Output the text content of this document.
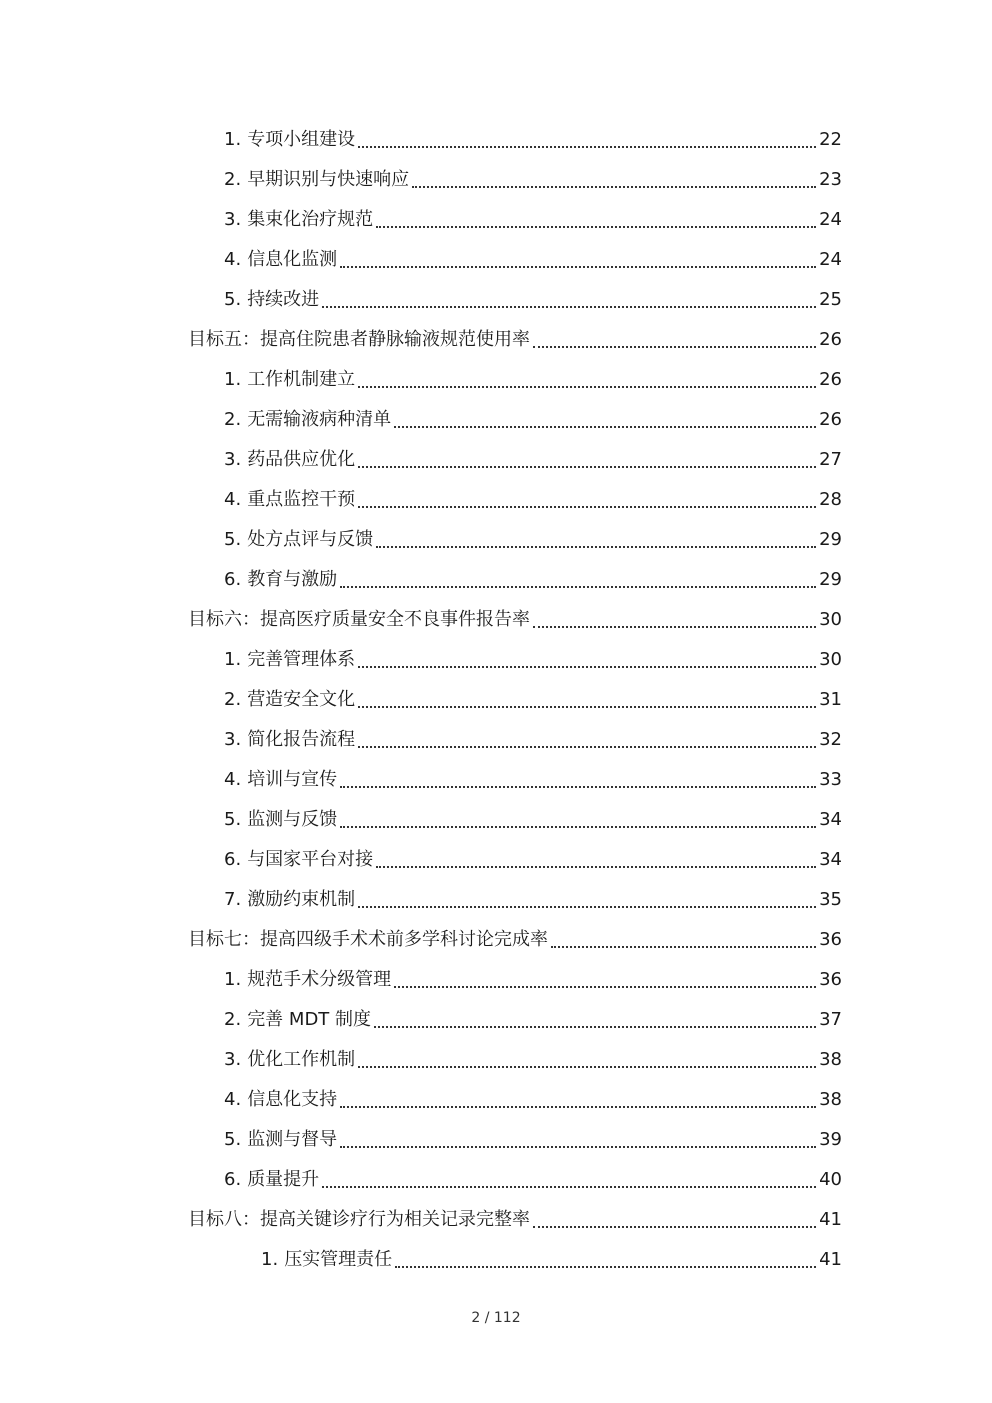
1. 专项小组建设	22
2. 早期识别与快速响应	23
3. 集束化治疗规范	24
4. 信息化监测	24
5. 持续改进	25
目标五：提高住院患者静脉输液规范使用率	26
1. 工作机制建立	26
2. 无需输液病种清单	26
3. 药品供应优化	27
4. 重点监控干预	28
5. 处方点评与反馈	29
6. 教育与激励	29
目标六：提高医疗质量安全不良事件报告率	30
1. 完善管理体系	30
2. 营造安全文化	31
3. 简化报告流程	32
4. 培训与宣传	33
5. 监测与反馈	34
6. 与国家平台对接	34
7. 激励约束机制	35
目标七：提高四级手术术前多学科讨论完成率	36
1. 规范手术分级管理	36
2. 完善 MDT 制度	37
3. 优化工作机制	38
4. 信息化支持	38
5. 监测与督导	39
6. 质量提升	40
目标八：提高关键诊疗行为相关记录完整率	41
1. 压实管理责任	41
2 / 112
